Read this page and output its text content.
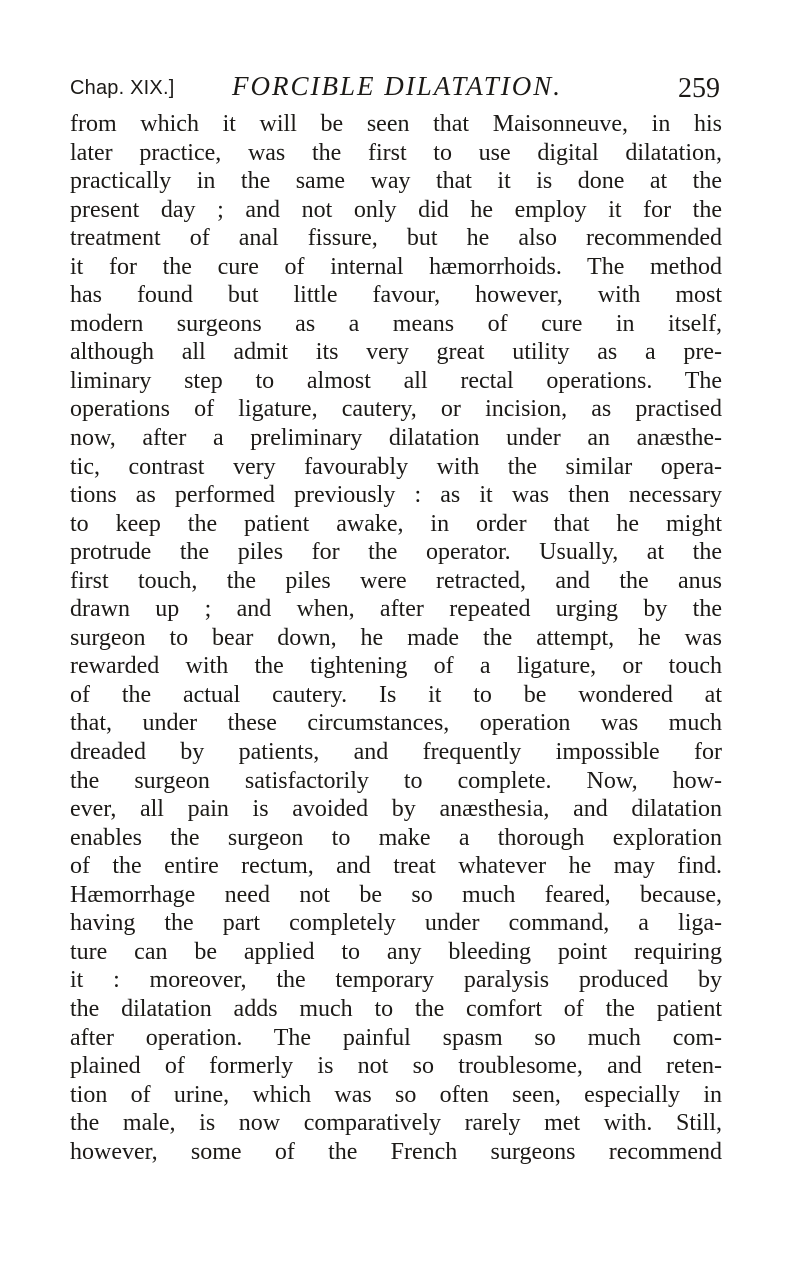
Chap. XIX.] FORCIBLE DILATATION.	259
from which it will be seen that Maisonneuve, in his
later practice, was the first to use digital dilatation,
practically in the same way that it is done at the
present day ; and not only did he employ it for the
treatment of anal fissure, but he also recommended
it for the cure of internal hæmorrhoids. The method
has found but little favour, however, with most
modern surgeons as a means of cure in itself,
although all admit its very great utility as a pre-
liminary step to almost all rectal operations. The
operations of ligature, cautery, or incision, as practised
now, after a preliminary dilatation under an anæsthe-
tic, contrast very favourably with the similar opera-
tions as performed previously : as it was then necessary
to keep the patient awake, in order that he might
protrude the piles for the operator. Usually, at the
first touch, the piles were retracted, and the anus
drawn up ; and when, after repeated urging by the
surgeon to bear down, he made the attempt, he was
rewarded with the tightening of a ligature, or touch
of the actual cautery. Is it to be wondered at
that, under these circumstances, operation was much
dreaded by patients, and frequently impossible for
the surgeon satisfactorily to complete. Now, how-
ever, all pain is avoided by anæsthesia, and dilatation
enables the surgeon to make a thorough exploration
of the entire rectum, and treat whatever he may find.
Hæmorrhage need not be so much feared, because,
having the part completely under command, a liga-
ture can be applied to any bleeding point requiring
it : moreover, the temporary paralysis produced by
the dilatation adds much to the comfort of the patient
after operation. The painful spasm so much com-
plained of formerly is not so troublesome, and reten-
tion of urine, which was so often seen, especially in
the male, is now comparatively rarely met with. Still,
however, some of the French surgeons recommend
